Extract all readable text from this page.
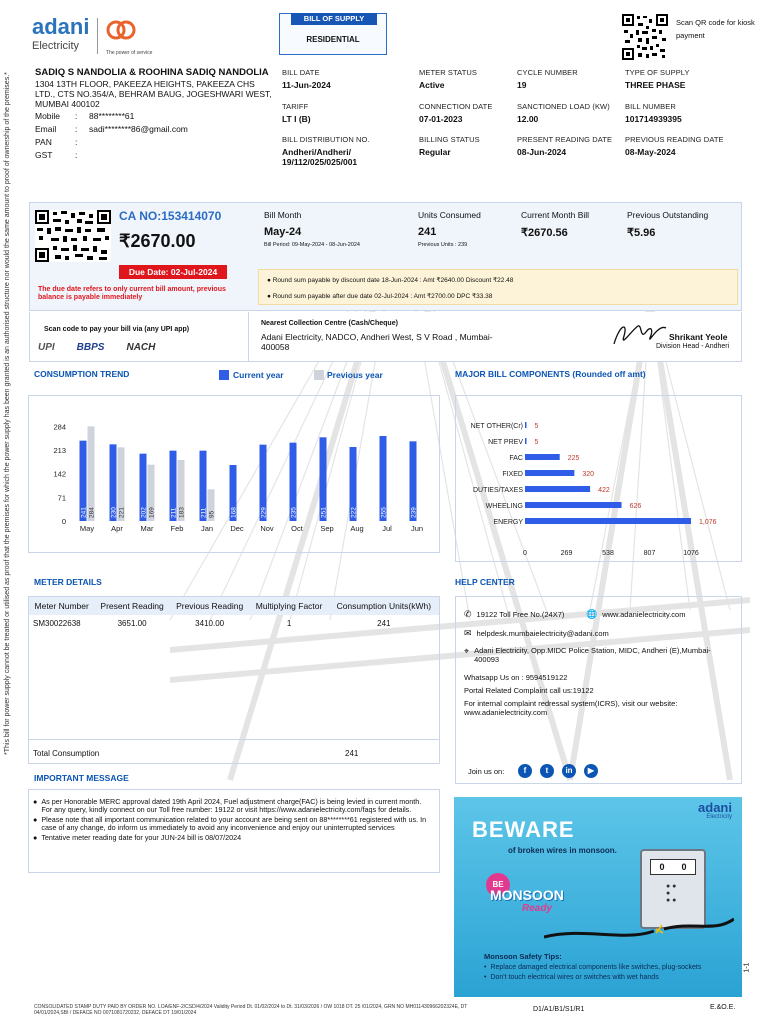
*This bill for power supply cannot be treated or utilised as proof that the premises for which the power supply has been granted is an authorised structure nor would the same amount to proof of ownership of the premises.*
adani
Electricity
The power of service
BILL OF SUPPLY
RESIDENTIAL
Scan QR code for kiosk payment
SADIQ S NANDOLIA & ROOHINA SADIQ NANDOLIA
1304 13TH FLOOR, PAKEEZA HEIGHTS, PAKEEZA CHS LTD., CTS NO.354/A, BEHRAM BAUG, JOGESHWARI WEST, MUMBAI 400102
Mobile	:	88********61
Email	:	sadi********86@gmail.com
PAN	:
GST	:
BILL DATE
11-Jun-2024
METER STATUS
Active
CYCLE NUMBER
19
TYPE OF SUPPLY
THREE PHASE
TARIFF
LT I (B)
CONNECTION DATE
07-01-2023
SANCTIONED LOAD (KW)
12.00
BILL NUMBER
101714939395
BILL DISTRIBUTION NO.
Andheri/Andheri/ 19/112/025/025/001
BILLING STATUS
Regular
PRESENT READING DATE
08-Jun-2024
PREVIOUS READING DATE
08-May-2024
CA NO:153414070
₹2670.00
Due Date: 02-Jul-2024
The due date refers to only current bill amount, previous balance is payable immediately
Bill Month
May-24
Bill Period: 09-May-2024 - 08-Jun-2024
Units Consumed
241
Previous Units : 239
Current Month Bill
₹2670.56
Previous Outstanding
₹5.96
● Round sum payable by discount date 18-Jun-2024 : Amt ₹2640.00 Discount ₹22.48
● Round sum payable after due date 02-Jul-2024 : Amt ₹2700.00 DPC ₹33.38
Scan code to pay your bill via (any UPI app)
UPI BBPS NACH
Nearest Collection Centre (Cash/Cheque)
Adani Electricity, NADCO, Andheri West, S V Road , Mumbai-400058
Shrikant Yeole
Division Head - Andheri
CONSUMPTION TREND	Current year	Previous year
0
71
142
213
284
241 284
May
230 221
Apr
202 169
Mar
211 183
Feb
211 95
Jan
168
Dec
229
Nov
235
Oct
251
Sep
222
Aug
255
Jul
239
Jun
MAJOR BILL COMPONENTS (Rounded off amt)
NET OTHER(Cr) 5
NET PREV 5
FAC	225
FIXED	320
DUTIES/TAXES	422
WHEELING	626
ENERGY	1,076
0	269	538	807	1076
METER DETAILS
Meter Number	Present Reading	Previous Reading	Multiplying Factor	Consumption Units(kWh)
SM30022638	3651.00	3410.00	1	241
Total Consumption	241
HELP CENTER
✆ 19122 Toll Free No.(24X7) 🌐 www.adanielectricity.com
✉ helpdesk.mumbaielectricity@adani.com
⌖ Adani Electricity, Opp.MIDC Police Station, MIDC, Andheri (E),Mumbai-400093
Whatsapp Us on : 9594519122
Portal Related Complaint call us:19122
For internal complaint redressal system(ICRS), visit our website: www.adanielectricity.com
Join us on:	f	t	in	▶
IMPORTANT MESSAGE
● As per Honorable MERC approval dated 19th April 2024, Fuel adjustment charge(FAC) is being levied in current month. For any query, kindly connect on our Toll free number: 19122 or visit https://www.adanielectricity.com/faqs for details.
● Please note that all important communication related to your account are being sent on 88********61 registered with us. In case of any change, do inform us immediately to avoid any inconvenience and enjoy our uninterrupted services
● Tentative meter reading date for your JUN-24 bill is 08/07/2024
adani
Electricity
BEWARE
of broken wires in monsoon.
BE
MONSOON
Ready
0 0
● ● ●
● ●
Monsoon Safety Tips:
• Replace damaged electrical components like switches, plug-sockets
• Don't touch electrical wires or switches with wet hands
CONSOLIDATED STAMP DUTY PAID BY ORDER NO. LOA/ENF-2/CSD/4/2024 Validity Period Dt. 01/02/2024 to Dt. 31/03/2026 / OW 1018 DT. 25 /01/2024, GRN NO MH011430966202324E, DT 04/01/2024,SBI / DEFACE NO 0071081720232, DEFACE DT 19/01/2024	D1/A1/B1/S1/R1	E.&O.E.
1-1
